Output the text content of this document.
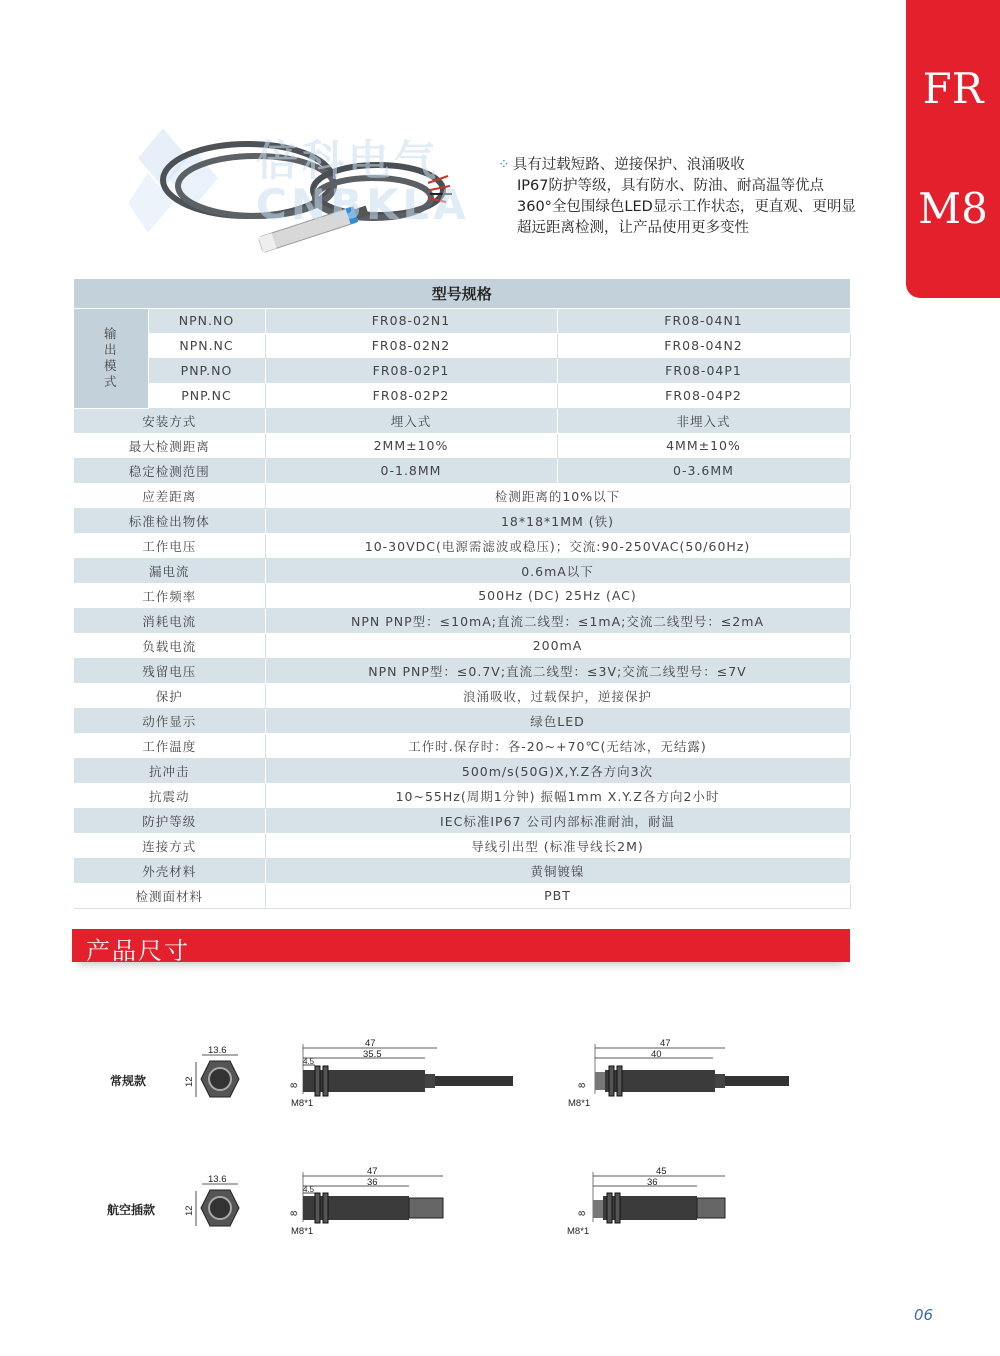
FR
M8
倍科电气
CNBKLA
⁘ 具有过载短路、逆接保护、浪涌吸收
IP67防护等级，具有防水、防油、耐高温等优点
360°全包围绿色LED显示工作状态，更直观、更明显
超远距离检测，让产品使用更多变性
型号规格			
输
出
模
式	NPN.NO	FR08-02N1	FR08-04N1
	NPN.NC	FR08-02N2	FR08-04N2
	PNP.NO	FR08-02P1	FR08-04P1
	PNP.NC	FR08-02P2	FR08-04P2
安装方式		埋入式	非埋入式
最大检测距离		2MM±10%	4MM±10%
稳定检测范围		0-1.8MM	0-3.6MM
应差距离		检测距离的10%以下	
标准检出物体		18*18*1MM (铁)	
工作电压		10-30VDC(电源需滤波或稳压)；交流:90-250VAC(50/60Hz)	
漏电流		0.6mA以下	
工作频率		500Hz (DC) 25Hz (AC)	
消耗电流		NPN PNP型：≤10mA;直流二线型：≤1mA;交流二线型号：≤2mA	
负载电流		200mA	
残留电压		NPN PNP型：≤0.7V;直流二线型：≤3V;交流二线型号：≤7V	
保护		浪涌吸收，过载保护，逆接保护	
动作显示		绿色LED	
工作温度		工作时.保存时：各-20~+70℃(无结冰，无结露)	
抗冲击		500m/s(50G)X,Y.Z各方向3次	
抗震动		10~55Hz(周期1分钟) 振幅1mm X.Y.Z各方向2小时	
防护等级		IEC标准IP67 公司内部标准耐油，耐温	
连接方式		导线引出型 (标准导线长2M)	
外壳材料		黄铜镀镍	
检测面材料		PBT	
产品尺寸
常规款
航空插款
13.6
12
13.6
12
47
35.5
4.5
8
M8*1
47
40
8
M8*1
47
36
4.5
8
M8*1
45
36
8
M8*1
06
